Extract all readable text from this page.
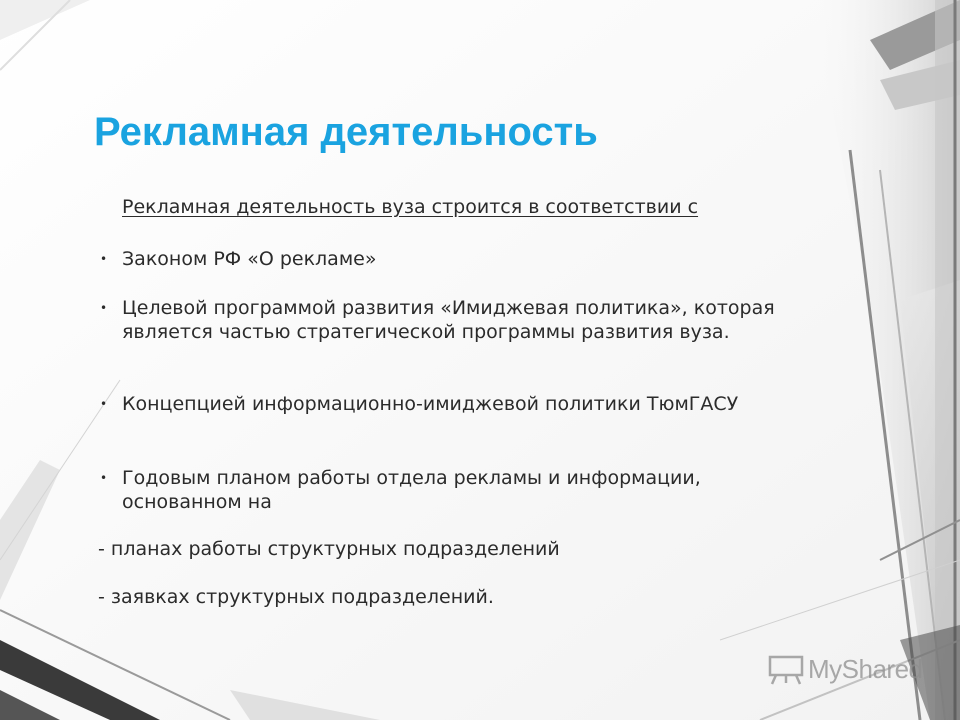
Рекламная деятельность
Рекламная деятельность вуза строится в соответствии с
• Законом РФ «О рекламе»
• Целевой программой развития «Имиджевая политика», которая является частью стратегической программы развития вуза.
• Концепцией информационно-имиджевой политики ТюмГАСУ
• Годовым планом работы отдела рекламы и информации, основанном на
- планах работы структурных подразделений
- заявках структурных подразделений.
MyShared
